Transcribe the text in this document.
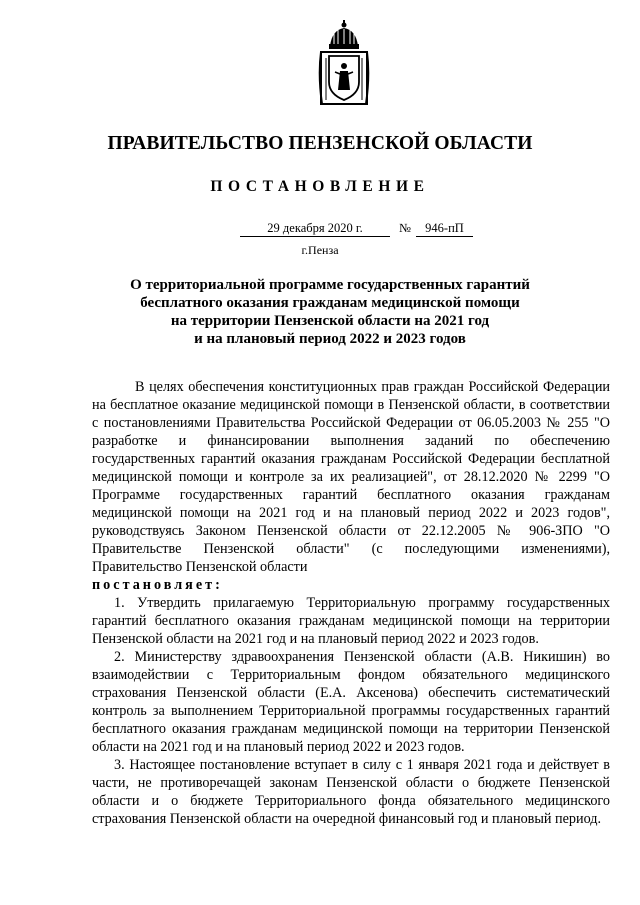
ПРАВИТЕЛЬСТВО ПЕНЗЕНСКОЙ ОБЛАСТИ
ПОСТАНОВЛЕНИЕ
29 декабря 2020 г.	№	946-пП
г.Пенза
О территориальной программе государственных гарантий
бесплатного оказания гражданам медицинской помощи
на территории Пензенской области на 2021 год
и на плановый период 2022 и 2023 годов

В целях обеспечения конституционных прав граждан Российской Федерации на бесплатное оказание медицинской помощи в Пензенской области, в соответствии с постановлениями Правительства Российской Федерации от 06.05.2003 № 255 "О разработке и финансировании выполнения заданий по обеспечению государственных гарантий оказания гражданам Российской Федерации бесплатной медицинской помощи и контроле за их реализацией", от 28.12.2020 № 2299 "О Программе государственных гарантий бесплатного оказания гражданам медицинской помощи на 2021 год и на плановый период 2022 и 2023 годов", руководствуясь Законом Пензенской области от 22.12.2005 № 906-ЗПО "О Правительстве Пензенской области" (с последующими изменениями), Правительство Пензенской области

постановляет:

1. Утвердить прилагаемую Территориальную программу государственных гарантий бесплатного оказания гражданам медицинской помощи на территории Пензенской области на 2021 год и на плановый период 2022 и 2023 годов.

2. Министерству здравоохранения Пензенской области (А.В. Никишин) во взаимодействии с Территориальным фондом обязательного медицинского страхования Пензенской области (Е.А. Аксенова) обеспечить систематический контроль за выполнением Территориальной программы государственных гарантий бесплатного оказания гражданам медицинской помощи на территории Пензенской области на 2021 год и на плановый период 2022 и 2023 годов.

3. Настоящее постановление вступает в силу с 1 января 2021 года и действует в части, не противоречащей законам Пензенской области о бюджете Пензенской области и о бюджете Территориального фонда обязательного медицинского страхования Пензенской области на очередной финансовый год и плановый период.
